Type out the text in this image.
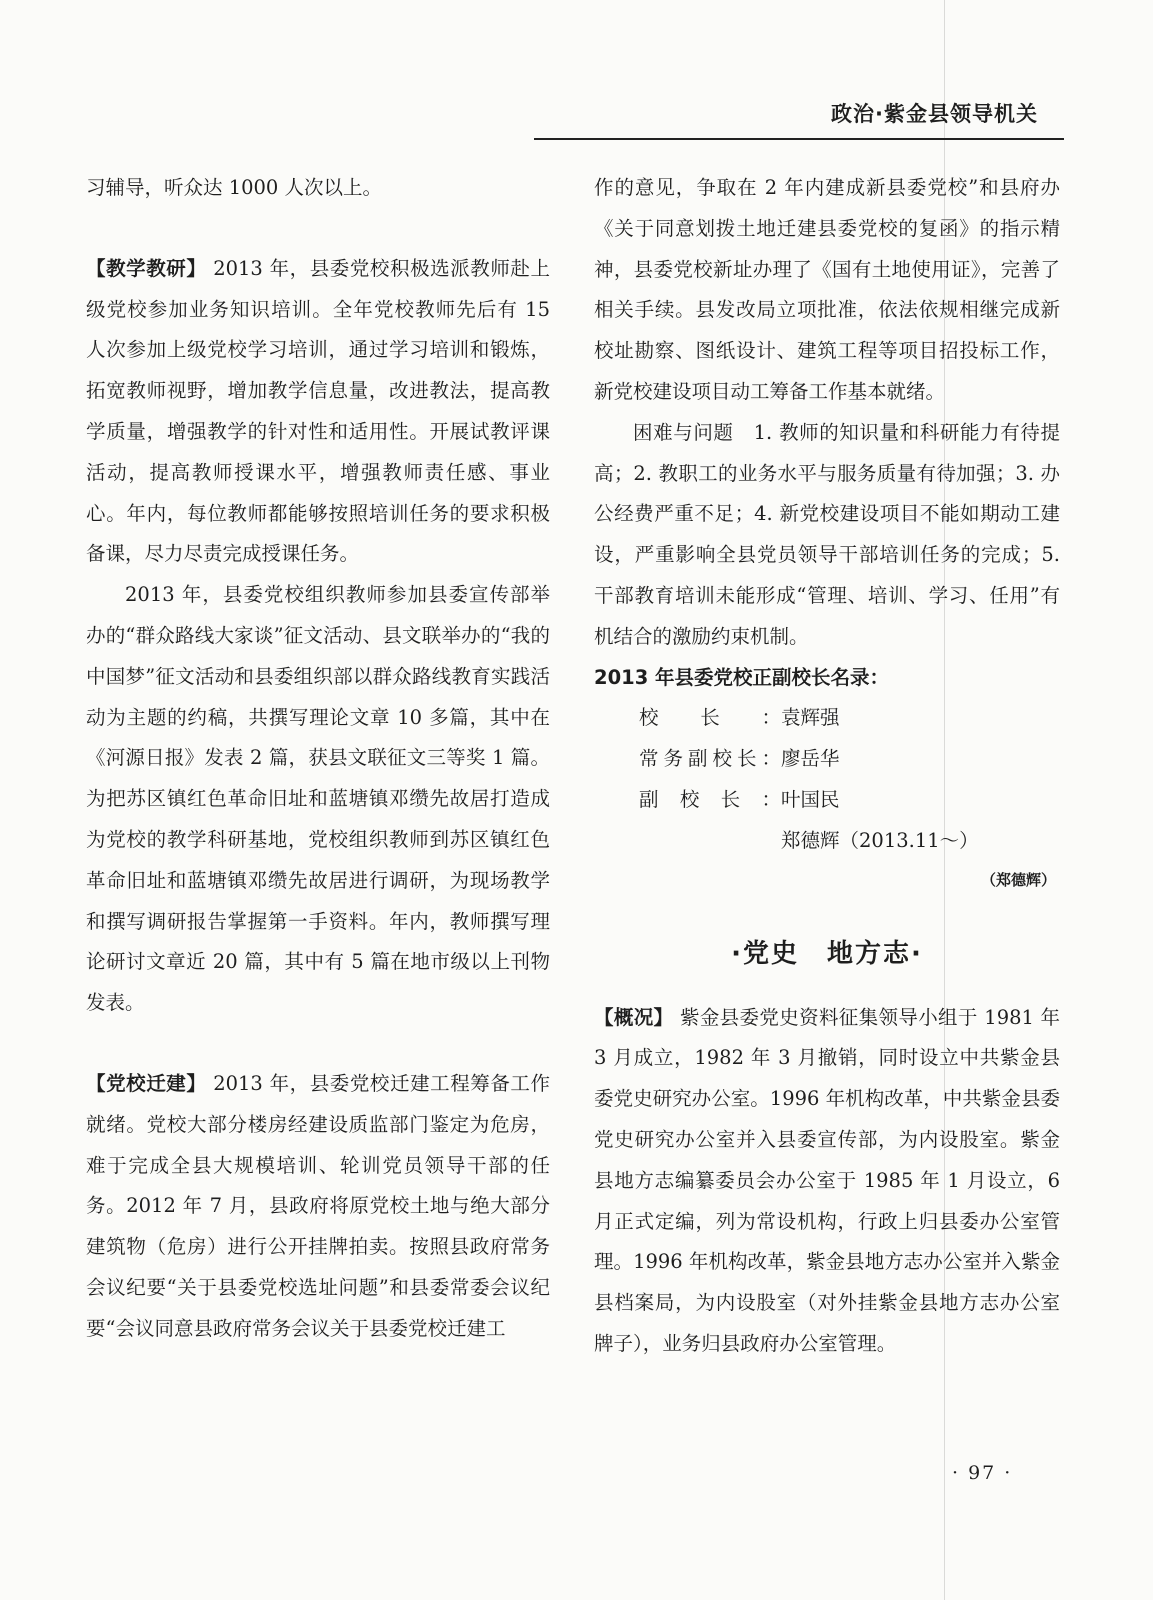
政治·紫金县领导机关

习辅导，听众达 1000 人次以上。

【教学教研】 2013 年，县委党校积极选派教师赴上级党校参加业务知识培训。全年党校教师先后有 15 人次参加上级党校学习培训，通过学习培训和锻炼，拓宽教师视野，增加教学信息量，改进教法，提高教学质量，增强教学的针对性和适用性。开展试教评课活动，提高教师授课水平，增强教师责任感、事业心。年内，每位教师都能够按照培训任务的要求积极备课，尽力尽责完成授课任务。

2013 年，县委党校组织教师参加县委宣传部举办的“群众路线大家谈”征文活动、县文联举办的“我的中国梦”征文活动和县委组织部以群众路线教育实践活动为主题的约稿，共撰写理论文章 10 多篇，其中在《河源日报》发表 2 篇，获县文联征文三等奖 1 篇。为把苏区镇红色革命旧址和蓝塘镇邓缵先故居打造成为党校的教学科研基地，党校组织教师到苏区镇红色革命旧址和蓝塘镇邓缵先故居进行调研，为现场教学和撰写调研报告掌握第一手资料。年内，教师撰写理论研讨文章近 20 篇，其中有 5 篇在地市级以上刊物发表。

【党校迁建】 2013 年，县委党校迁建工程筹备工作就绪。党校大部分楼房经建设质监部门鉴定为危房，难于完成全县大规模培训、轮训党员领导干部的任务。2012 年 7 月，县政府将原党校土地与绝大部分建筑物（危房）进行公开挂牌拍卖。按照县政府常务会议纪要“关于县委党校选址问题”和县委常委会议纪要“会议同意县政府常务会议关于县委党校迁建工

作的意见，争取在 2 年内建成新县委党校”和县府办《关于同意划拨土地迁建县委党校的复函》的指示精神，县委党校新址办理了《国有土地使用证》，完善了相关手续。县发改局立项批准，依法依规相继完成新校址勘察、图纸设计、建筑工程等项目招投标工作，新党校建设项目动工筹备工作基本就绪。

困难与问题　1. 教师的知识量和科研能力有待提高；2. 教职工的业务水平与服务质量有待加强；3. 办公经费严重不足；4. 新党校建设项目不能如期动工建设，严重影响全县党员领导干部培训任务的完成；5. 干部教育培训未能形成“管理、培训、学习、任用”有机结合的激励约束机制。

2013 年县委党校正副校长名录：

校长： 袁辉强
常务副校长： 廖岳华
副校长： 叶国民
郑德辉（2013.11～）
（郑德辉）
·党史　地方志·

【概况】 紫金县委党史资料征集领导小组于 1981 年 3 月成立，1982 年 3 月撤销，同时设立中共紫金县委党史研究办公室。1996 年机构改革，中共紫金县委党史研究办公室并入县委宣传部，为内设股室。紫金县地方志编纂委员会办公室于 1985 年 1 月设立，6 月正式定编，列为常设机构，行政上归县委办公室管理。1996 年机构改革，紫金县地方志办公室并入紫金县档案局，为内设股室（对外挂紫金县地方志办公室牌子），业务归县政府办公室管理。

· 97 ·
